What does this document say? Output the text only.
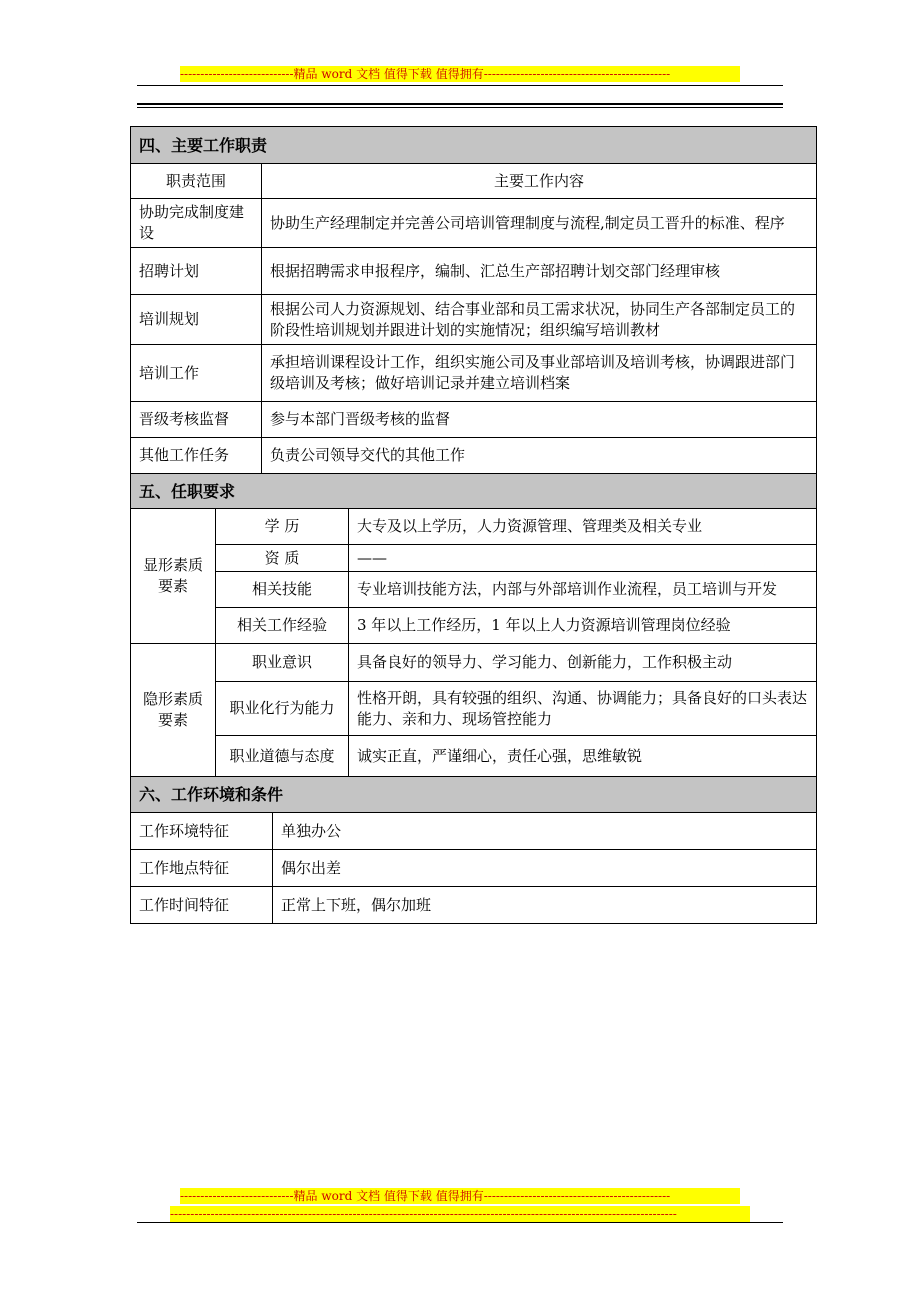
----------------------------精品 word 文档 值得下载 值得拥有----------------------------------------------
四、主要工作职责	
职责范围	主要工作内容
协助完成制度建设	协助生产经理制定并完善公司培训管理制度与流程,制定员工晋升的标准、程序
招聘计划	根据招聘需求申报程序，编制、汇总生产部招聘计划交部门经理审核
培训规划	根据公司人力资源规划、结合事业部和员工需求状况，协同生产各部制定员工的阶段性培训规划并跟进计划的实施情况；组织编写培训教材
培训工作	承担培训课程设计工作，组织实施公司及事业部培训及培训考核，协调跟进部门级培训及考核；做好培训记录并建立培训档案
晋级考核监督	参与本部门晋级考核的监督
其他工作任务	负责公司领导交代的其他工作
五、任职要求		
显形素质要素	学 历	大专及以上学历，人力资源管理、管理类及相关专业
	资 质	——
	相关技能	专业培训技能方法，内部与外部培训作业流程，员工培训与开发
	相关工作经验	3 年以上工作经历，1 年以上人力资源培训管理岗位经验
隐形素质要素	职业意识	具备良好的领导力、学习能力、创新能力，工作积极主动
	职业化行为能力	性格开朗，具有较强的组织、沟通、协调能力；具备良好的口头表达能力、亲和力、现场管控能力
	职业道德与态度	诚实正直，严谨细心，责任心强，思维敏锐
六、工作环境和条件	
工作环境特征	单独办公
工作地点特征	偶尔出差
工作时间特征	正常上下班，偶尔加班
----------------------------精品 word 文档 值得下载 值得拥有----------------------------------------------
-----------------------------------------------------------------------------------------------------------------------------
